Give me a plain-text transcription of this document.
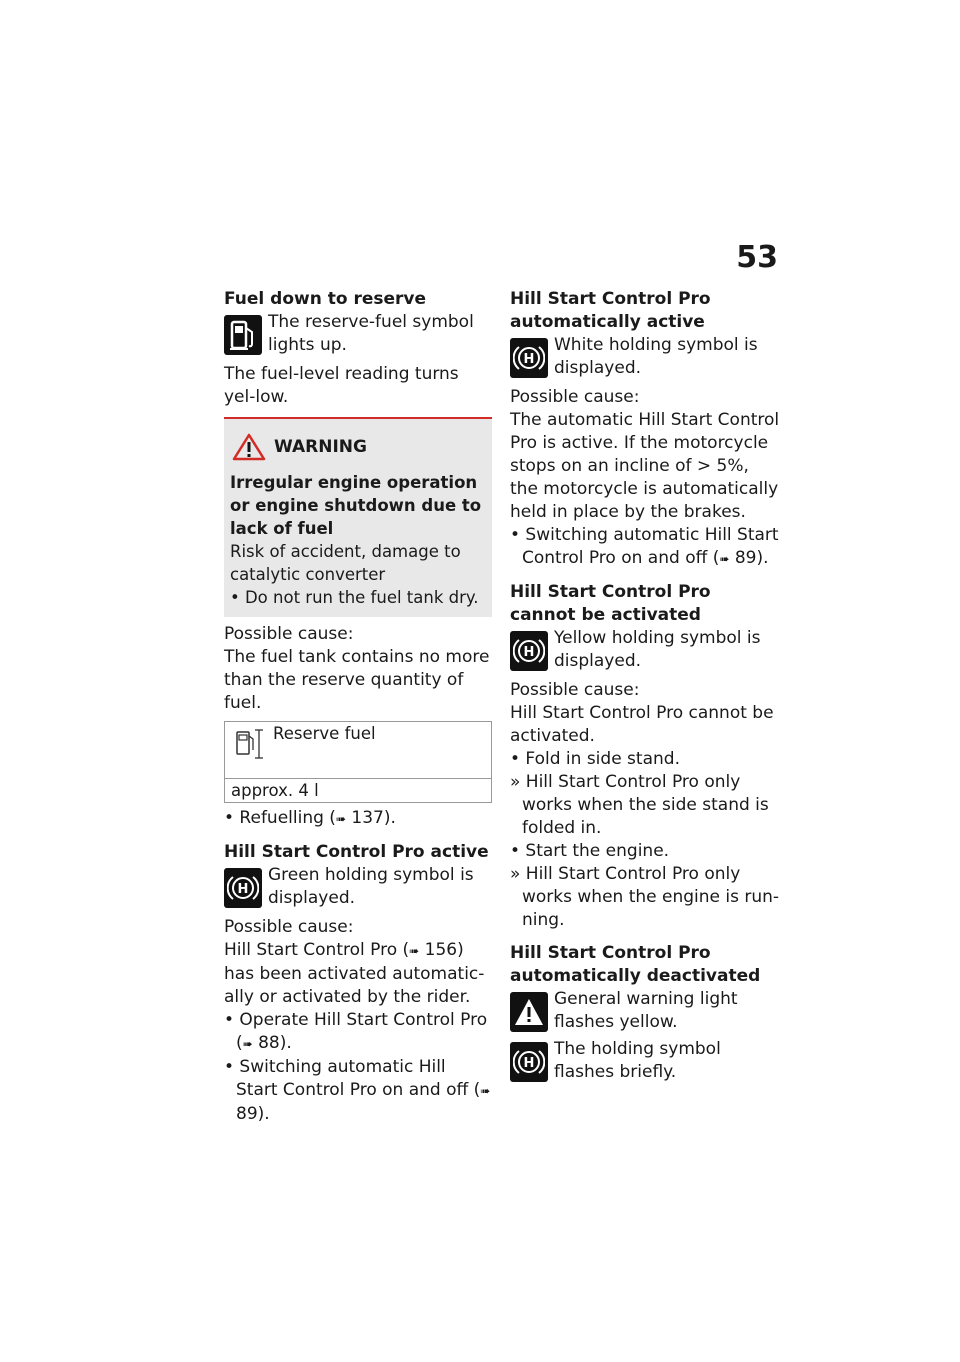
53

Fuel down to reserve

The reserve-fuel symbol lights up.

The fuel-level reading turns yel-low.

WARNING

Irregular engine operation or engine shutdown due to lack of fuel

Risk of accident, damage to catalytic converter

• Do not run the fuel tank dry.

Possible cause:

The fuel tank contains no more than the reserve quantity of fuel.

Reserve fuel

approx. 4 l

• Refuelling (➠ 137).

Hill Start Control Pro active

H
Green holding symbol is displayed.

Possible cause:

Hill Start Control Pro (➠ 156) has been activated automatic-ally or activated by the rider.

• Operate Hill Start Control Pro (➠ 88).

• Switching automatic Hill Start Control Pro on and off (➠ 89).

Hill Start Control Pro automatically active

H
White holding symbol is displayed.

Possible cause:

The automatic Hill Start Control Pro is active. If the motorcycle stops on an incline of > 5%, the motorcycle is automatically held in place by the brakes.

• Switching automatic Hill Start Control Pro on and off (➠ 89).

Hill Start Control Pro cannot be activated

H
Yellow holding symbol is displayed.

Possible cause:

Hill Start Control Pro cannot be activated.

• Fold in side stand.

» Hill Start Control Pro only works when the side stand is folded in.

• Start the engine.

» Hill Start Control Pro only works when the engine is run-ning.

Hill Start Control Pro automatically deactivated

General warning light flashes yellow.
H
The holding symbol flashes briefly.
